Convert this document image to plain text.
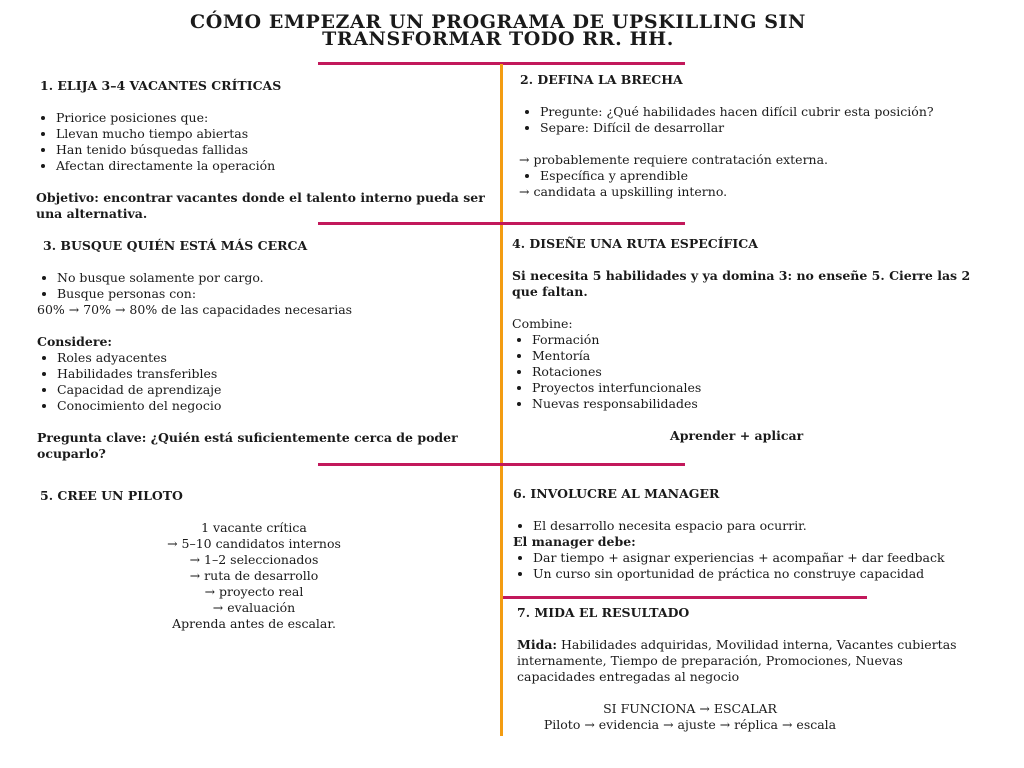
CÓMO EMPEZAR UN PROGRAMA DE UPSKILLING SIN
TRANSFORMAR TODO RR. HH.
1. ELIJA 3–4 VACANTES CRÍTICAS
• Priorice posiciones que:
• Llevan mucho tiempo abiertas
• Han tenido búsquedas fallidas
• Afectan directamente la operación

Objetivo: encontrar vacantes donde el talento interno pueda ser una alternativa.

2. DEFINA LA BRECHA
• Pregunte: ¿Qué habilidades hacen difícil cubrir esta posición?
• Separe: Difícil de desarrollar

→ probablemente requiere contratación externa.

• Específica y aprendible

→ candidata a upskilling interno.

3. BUSQUE QUIÉN ESTÁ MÁS CERCA
• No busque solamente por cargo.
• Busque personas con:

60% → 70% → 80% de las capacidades necesarias

Considere:

• Roles adyacentes
• Habilidades transferibles
• Capacidad de aprendizaje
• Conocimiento del negocio

Pregunta clave: ¿Quién está suficientemente cerca de poder ocuparlo?

4. DISEÑE UNA RUTA ESPECÍFICA

Si necesita 5 habilidades y ya domina 3: no enseñe 5. Cierre las 2 que faltan.

Combine:

• Formación
• Mentoría
• Rotaciones
• Proyectos interfuncionales
• Nuevas responsabilidades

Aprender + aplicar

5. CREE UN PILOTO

1 vacante crítica

→ 5–10 candidatos internos

→ 1–2 seleccionados

→ ruta de desarrollo

→ proyecto real

→ evaluación

Aprenda antes de escalar.

6. INVOLUCRE AL MANAGER
• El desarrollo necesita espacio para ocurrir.

El manager debe:

• Dar tiempo + asignar experiencias + acompañar + dar feedback
• Un curso sin oportunidad de práctica no construye capacidad
7. MIDA EL RESULTADO

Mida: Habilidades adquiridas, Movilidad interna, Vacantes cubiertas internamente, Tiempo de preparación, Promociones, Nuevas capacidades entregadas al negocio

SI FUNCIONA → ESCALAR

Piloto → evidencia → ajuste → réplica → escala
